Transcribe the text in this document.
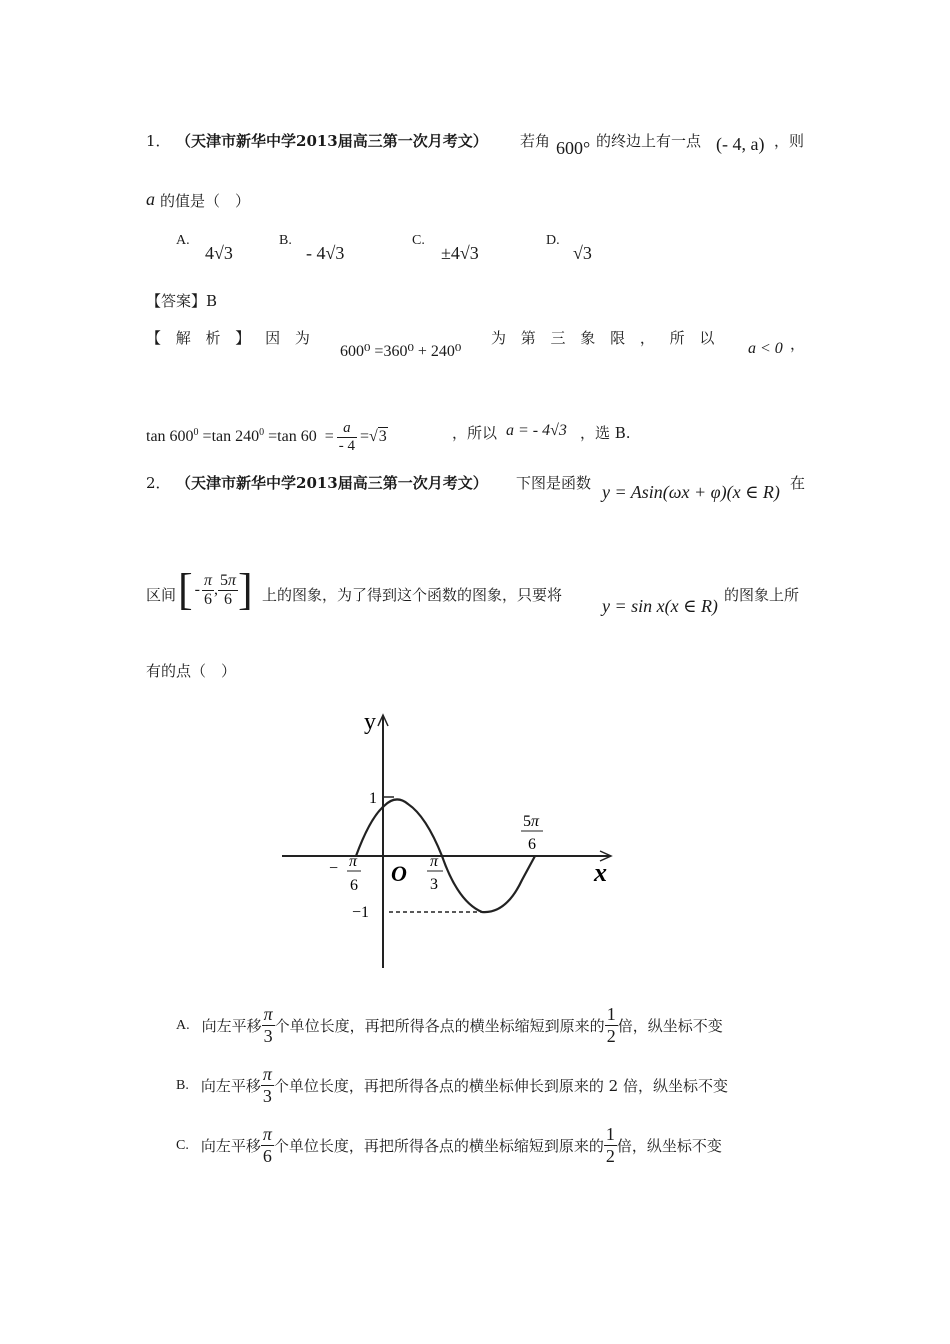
1． （天津市新华中学2013届高三第一次月考文） 若角 600° 的终边上有一点 (- 4, a) ，则
a 的值是（　）
A.
4√3
B.
- 4√3
C.
±4√3
D.
√3
【答案】B
【 解 析 】 因 为
600⁰ =360⁰ + 240⁰
为 第 三 象 限 ， 所 以
a < 0 ，
$\tan 600^0 =\tan$ $240^0 =\tan$ $60 = \frac{a}{- 4} =√3$	，所以 a = - 4√3 ，选 B.
2． （天津市新华中学2013届高三第一次月考文） 下图是函数 y = Asin(ωx + φ)(x ∈ R) 在
区间 [ - $\frac{\pi}{6}$ , $\frac{5\pi}{6}$ ] 上的图象，为了得到这个函数的图象，只要将
y = sin x(x ∈ R)
的图象上所
有的点（　）
y
x
O
1
−1
− π
6
π
3
5π
6
A. 向左平移 $\frac{\pi}{3}$ 个单位长度，再把所得各点的横坐标缩短到原来的 $\frac{1}{2}$ 倍，纵坐标不变
B. 向左平移 $\frac{\pi}{3}$ 个单位长度，再把所得各点的横坐标伸长到原来的 2 倍，纵坐标不变
C. 向左平移 $\frac{\pi}{6}$ 个单位长度，再把所得各点的横坐标缩短到原来的 $\frac{1}{2}$ 倍，纵坐标不变
